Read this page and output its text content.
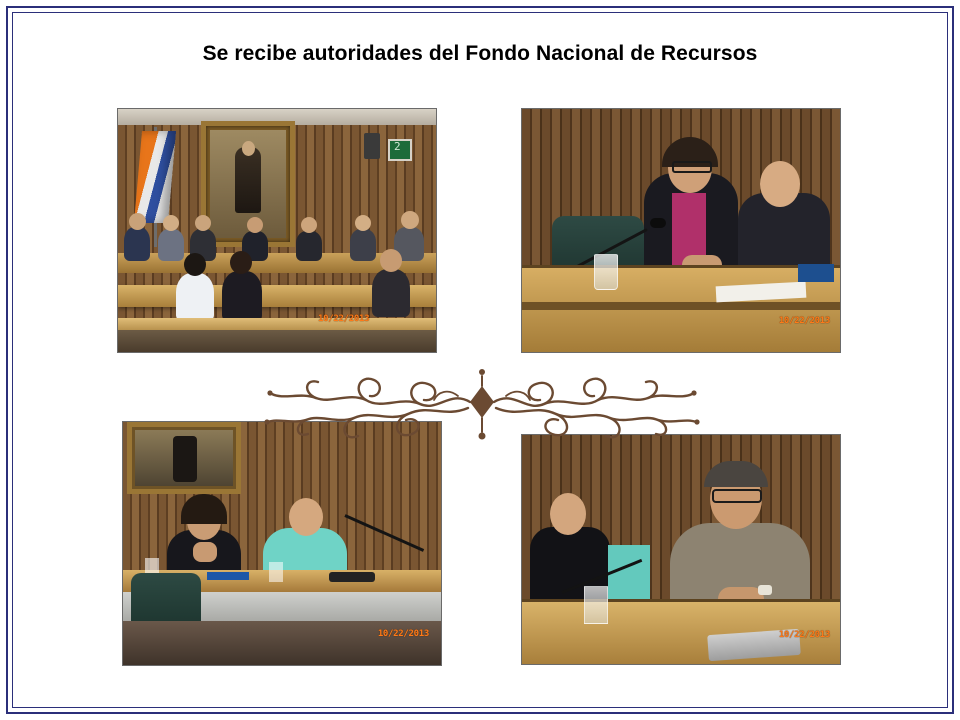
Se recibe autoridades del Fondo Nacional de Recursos
2
10/22/2013	10/22/2013
10/22/2013	10/22/2013
